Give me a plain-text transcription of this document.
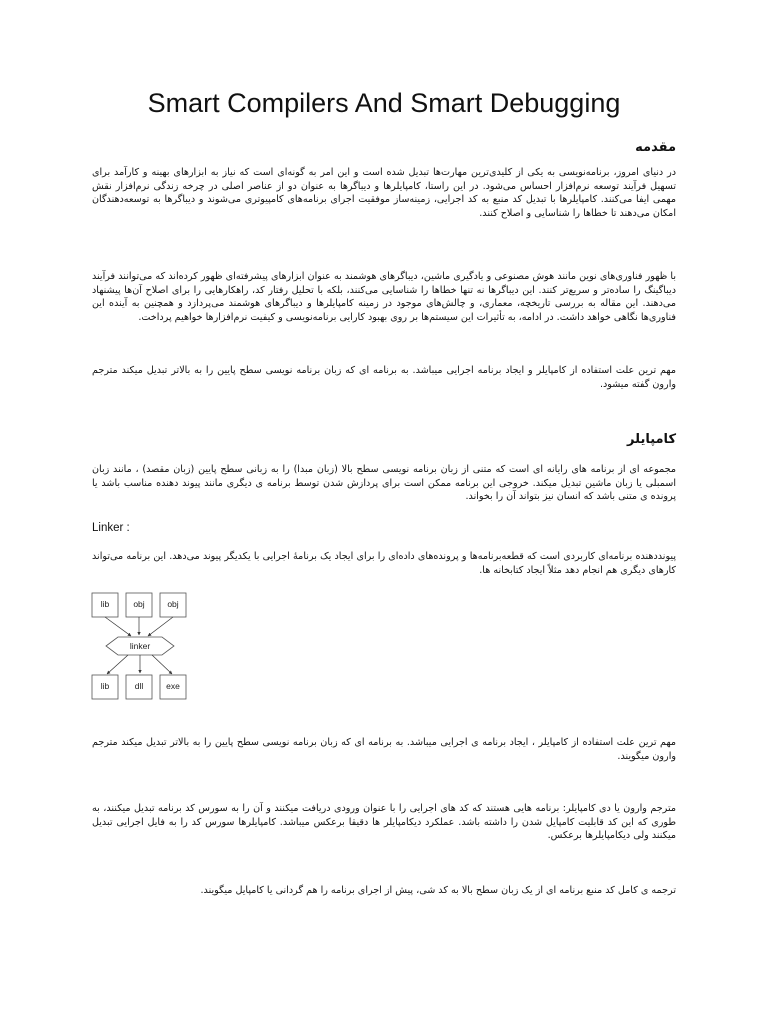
Smart Compilers And Smart Debugging
مقدمه

در دنیای امروز، برنامه‌نویسی به یکی از کلیدی‌ترین مهارت‌ها تبدیل شده است و این امر به گونه‌ای است که نیاز به ابزارهای بهینه و کارآمد برای تسهیل فرآیند توسعه نرم‌افزار احساس می‌شود. در این راستا، کامپایلرها و دیباگرها به عنوان دو از عناصر اصلی در چرخه زندگی نرم‌افزار نقش مهمی ایفا می‌کنند. کامپایلرها با تبدیل کد منبع به کد اجرایی، زمینه‌ساز موفقیت اجرای برنامه‌های کامپیوتری می‌شوند و دیباگرها به توسعه‌دهندگان امکان می‌دهند تا خطاها را شناسایی و اصلاح کنند.

با ظهور فناوری‌های نوین مانند هوش مصنوعی و یادگیری ماشین، دیباگرهای هوشمند به عنوان ابزارهای پیشرفته‌ای ظهور کرده‌اند که می‌توانند فرآیند دیباگینگ را ساده‌تر و سریع‌تر کنند. این دیباگرها نه تنها خطاها را شناسایی می‌کنند، بلکه با تحلیل رفتار کد، راهکارهایی را برای اصلاح آن‌ها پیشنهاد می‌دهند. این مقاله به بررسی تاریخچه، معماری، و چالش‌های موجود در زمینه کامپایلرها و دیباگرهای هوشمند می‌پردازد و همچنین به آینده این فناوری‌ها نگاهی خواهد داشت. در ادامه، به تأثیرات این سیستم‌ها بر روی بهبود کارایی برنامه‌نویسی و کیفیت نرم‌افزارها خواهیم پرداخت.

مهم ترین علت استفاده از کامپایلر و ایجاد برنامه اجرایی میباشد. به برنامه ای که زبان برنامه نویسی سطح پایین را به بالاتر تبدیل میکند مترجم وارون گفته میشود.

کامپایلر

مجموعه ای از برنامه های رایانه ای است که متنی از زبان برنامه نویسی سطح بالا (زبان مبدا) را به زبانی سطح پایین (زبان مقصد) ، مانند زبان اسمبلی یا زبان ماشین تبدیل میکند. خروجی این برنامه ممکن است برای پردازش شدن توسط برنامه ی دیگری مانند پیوند دهنده مناسب باشد یا پرونده ی متنی باشد که انسان نیز بتواند آن را بخواند.

Linker :

پیونددهنده برنامه‌ای کاربردی است که قطعه‌برنامه‌ها و پرونده‌های داده‌ای را برای ایجاد یک برنامهٔ اجرایی با یکدیگر پیوند می‌دهد. این برنامه می‌تواند کارهای دیگری هم انجام دهد مثلاً ایجاد کتابخانه ها.

lib	obj	obj
linker
lib	dll	exe

مهم ترین علت استفاده از کامپایلر ، ایجاد برنامه ی اجرایی میباشد. به برنامه ای که زبان برنامه نویسی سطح پایین را به بالاتر تبدیل میکند مترجم وارون میگویند.

مترجم وارون یا دی کامپایلر: برنامه هایی هستند که کد های اجرایی را با عنوان ورودی دریافت میکنند و آن را به سورس کد برنامه تبدیل میکنند، به طوری که این کد قابلیت کامپایل شدن را داشته باشد. عملکرد دیکامپایلر ها دقیقا برعکس میباشد. کامپایلرها سورس کد را به فایل اجرایی تبدیل میکنند ولی دیکامپایلرها برعکس.

ترجمه ی کامل کد منبع برنامه ای از یک زبان سطح بالا به کد شی، پیش از اجرای برنامه را هم گردانی یا کامپایل میگویند.
